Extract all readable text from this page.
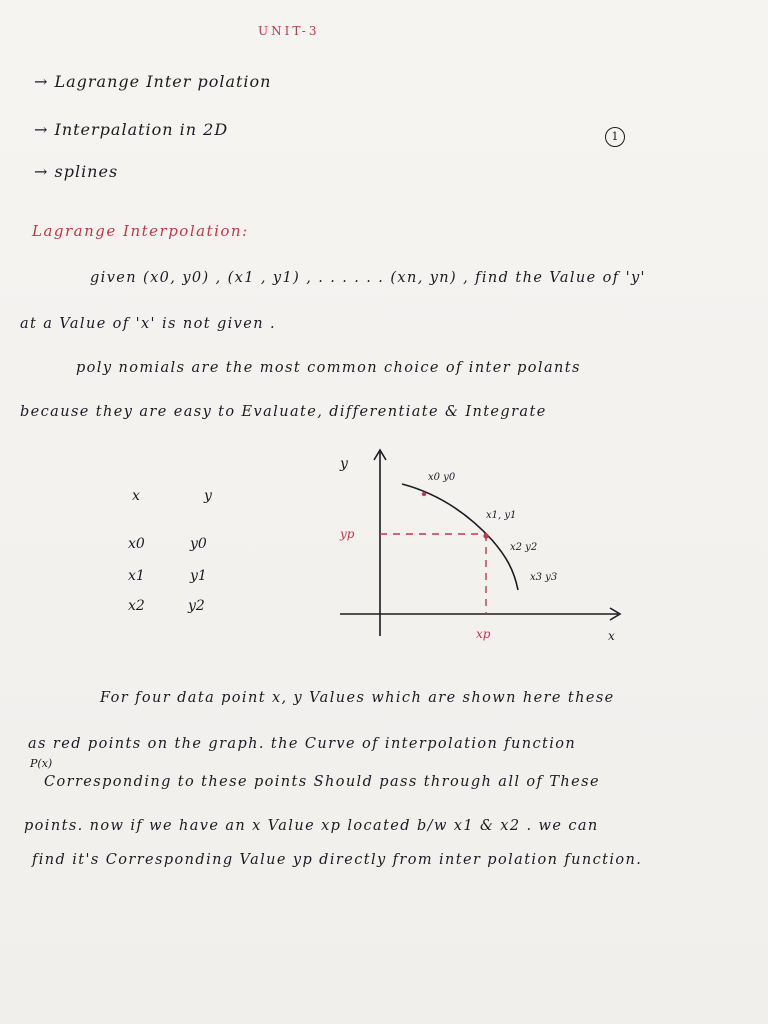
UNIT-3
→ Lagrange Inter polation
→ Interpalation in 2D
→ splines
1
Lagrange Interpolation:
given (x0, y0) , (x1 , y1) , . . . . . . (xn, yn) , find the Value of 'y'
at a Value of 'x' is not given .
poly nomials are the most common choice of inter polants
because they are easy to Evaluate, differentiate & Integrate
x	y
x0	y0
x1	y1
x2	y2
y
x
yp
xp
x0 y0
x1, y1
x2 y2
x3 y3
For four data point x, y Values which are shown here these
as red points on the graph. the Curve of interpolation function
P(x)
Corresponding to these points Should pass through all of These
points. now if we have an x Value xp located b/w x1 & x2 . we can
find it's Corresponding Value yp directly from inter polation function.
